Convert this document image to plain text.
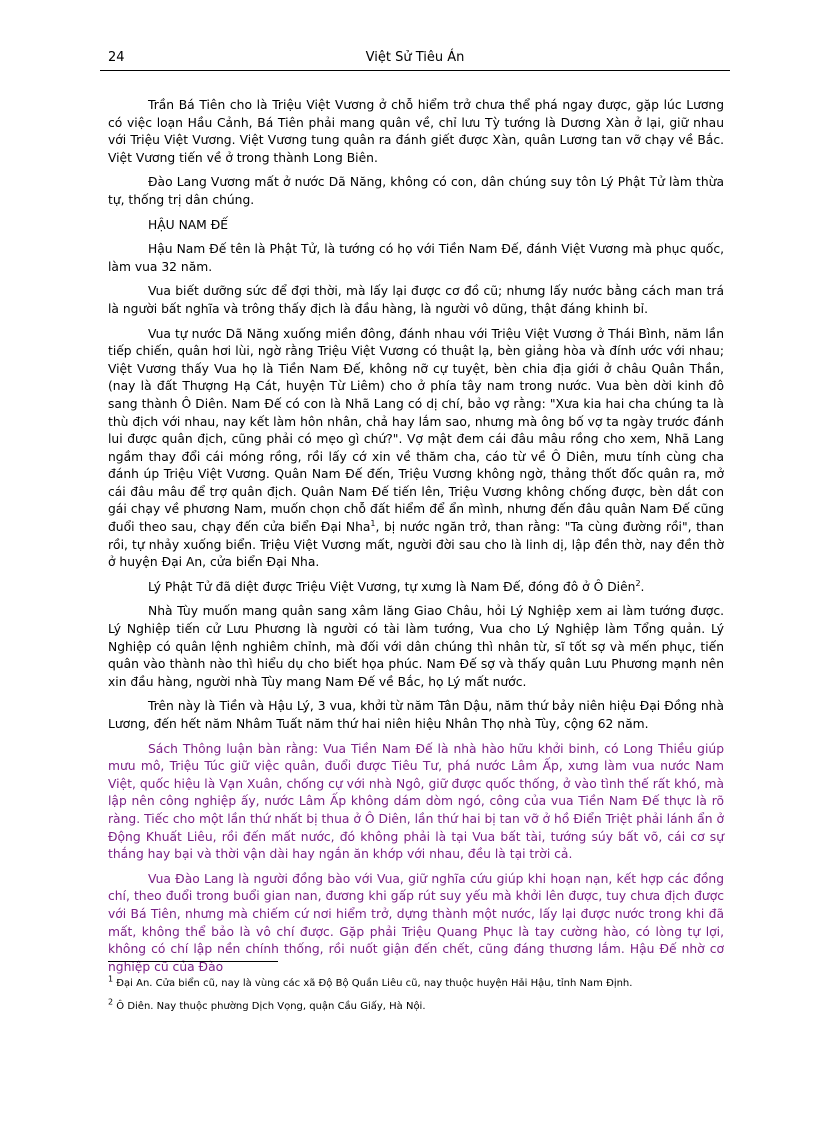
24	Việt Sử Tiêu Án

Trần Bá Tiên cho là Triệu Việt Vương ở chỗ hiểm trở chưa thể phá ngay được, gặp lúc Lương có việc loạn Hầu Cảnh, Bá Tiên phải mang quân về, chỉ lưu Tỳ tướng là Dương Xàn ở lại, giữ nhau với Triệu Việt Vương. Việt Vương tung quân ra đánh giết được Xàn, quân Lương tan vỡ chạy về Bắc. Việt Vương tiến về ở trong thành Long Biên.

Đào Lang Vương mất ở nước Dã Năng, không có con, dân chúng suy tôn Lý Phật Tử làm thừa tự, thống trị dân chúng.

HẬU NAM ĐẾ

Hậu Nam Đế tên là Phật Tử, là tướng có họ với Tiền Nam Đế, đánh Việt Vương mà phục quốc, làm vua 32 năm.

Vua biết dưỡng sức để đợi thời, mà lấy lại được cơ đồ cũ; nhưng lấy nước bằng cách man trá là người bất nghĩa và trông thấy địch là đầu hàng, là người vô dũng, thật đáng khinh bỉ.

Vua tự nước Dã Năng xuống miền đông, đánh nhau với Triệu Việt Vương ở Thái Bình, năm lần tiếp chiến, quân hơi lùi, ngờ rằng Triệu Việt Vương có thuật lạ, bèn giảng hòa và đính ước với nhau; Việt Vương thấy Vua họ là Tiền Nam Đế, không nỡ cự tuyệt, bèn chia địa giới ở châu Quân Thần, (nay là đất Thượng Hạ Cát, huyện Từ Liêm) cho ở phía tây nam trong nước. Vua bèn dời kinh đô sang thành Ô Diên. Nam Đế có con là Nhã Lang có dị chí, bảo vợ rằng: "Xưa kia hai cha chúng ta là thù địch với nhau, nay kết làm hôn nhân, chả hay lắm sao, nhưng mà ông bố vợ ta ngày trước đánh lui được quân địch, cũng phải có mẹo gì chứ?". Vợ mật đem cái đâu mâu rồng cho xem, Nhã Lang ngầm thay đổi cái móng rồng, rồi lấy cớ xin về thăm cha, cáo từ về Ô Diên, mưu tính cùng cha đánh úp Triệu Việt Vương. Quân Nam Đế đến, Triệu Vương không ngờ, thảng thốt đốc quân ra, mở cái đâu mâu để trợ quân địch. Quân Nam Đế tiến lên, Triệu Vương không chống được, bèn dắt con gái chạy về phương Nam, muốn chọn chỗ đất hiểm để ẩn mình, nhưng đến đâu quân Nam Đế cũng đuổi theo sau, chạy đến cửa biển Đại Nha$^1$, bị nước ngăn trở, than rằng: "Ta cùng đường rồi", than rồi, tự nhảy xuống biển. Triệu Việt Vương mất, người đời sau cho là linh dị, lập đền thờ, nay đền thờ ở huyện Đại An, cửa biển Đại Nha.

Lý Phật Tử đã diệt được Triệu Việt Vương, tự xưng là Nam Đế, đóng đô ở Ô Diên$^2$.

Nhà Tùy muốn mang quân sang xâm lăng Giao Châu, hỏi Lý Nghiệp xem ai làm tướng được. Lý Nghiệp tiến cử Lưu Phương là người có tài làm tướng, Vua cho Lý Nghiệp làm Tổng quản. Lý Nghiệp có quân lệnh nghiêm chỉnh, mà đối với dân chúng thì nhân từ, sĩ tốt sợ và mến phục, tiến quân vào thành nào thì hiểu dụ cho biết họa phúc. Nam Đế sợ và thấy quân Lưu Phương mạnh nên xin đầu hàng, người nhà Tùy mang Nam Đế về Bắc, họ Lý mất nước.

Trên này là Tiền và Hậu Lý, 3 vua, khởi từ năm Tân Dậu, năm thứ bảy niên hiệu Đại Đồng nhà Lương, đến hết năm Nhâm Tuất năm thứ hai niên hiệu Nhân Thọ nhà Tùy, cộng 62 năm.

Sách Thông luận bàn rằng: Vua Tiền Nam Đế là nhà hào hữu khởi binh, có Long Thiều giúp mưu mô, Triệu Túc giữ việc quân, đuổi được Tiêu Tư, phá nước Lâm Ấp, xưng làm vua nước Nam Việt, quốc hiệu là Vạn Xuân, chống cự với nhà Ngô, giữ được quốc thống, ở vào tình thế rất khó, mà lập nên công nghiệp ấy, nước Lâm Ấp không dám dòm ngó, công của vua Tiền Nam Đế thực là rõ ràng. Tiếc cho một lần thứ nhất bị thua ở Ô Diên, lần thứ hai bị tan vỡ ở hồ Điển Triệt phải lánh ẩn ở Động Khuất Liêu, rồi đến mất nước, đó không phải là tại Vua bất tài, tướng súy bất võ, cái cơ sự thắng hay bại và thời vận dài hay ngắn ăn khớp với nhau, đều là tại trời cả.

Vua Đào Lang là người đồng bào với Vua, giữ nghĩa cứu giúp khi hoạn nạn, kết hợp các đồng chí, theo đuổi trong buổi gian nan, đương khi gấp rút suy yếu mà khởi lên được, tuy chưa địch được với Bá Tiên, nhưng mà chiếm cứ nơi hiểm trở, dựng thành một nước, lấy lại được nước trong khi đã mất, không thể bảo là vô chí được. Gặp phải Triệu Quang Phục là tay cường hào, có lòng tự lợi, không có chí lập nền chính thống, rồi nuốt giận đến chết, cũng đáng thương lắm. Hậu Đế nhờ cơ nghiệp cũ của Đào

$^1$ Đại An. Cửa biển cũ, nay là vùng các xã Độ Bộ Quần Liêu cũ, nay thuộc huyện Hải Hậu, tỉnh Nam Định.
$^2$ Ô Diên. Nay thuộc phường Dịch Vọng, quận Cầu Giấy, Hà Nội.
